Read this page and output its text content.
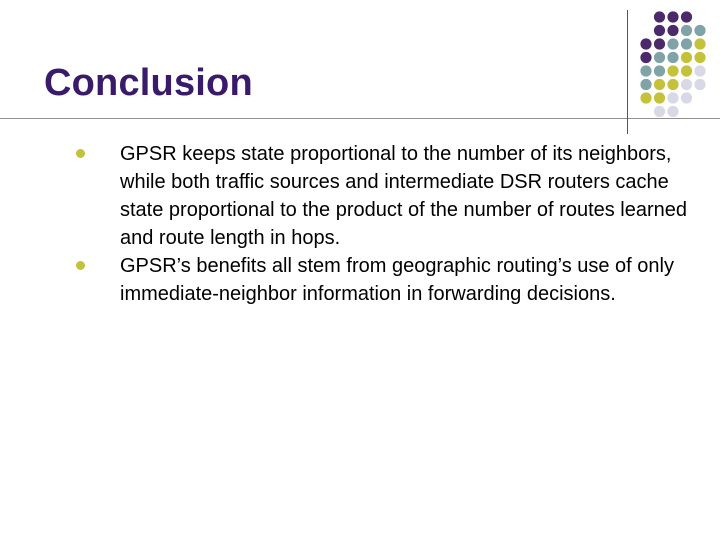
Conclusion
GPSR keeps state proportional to the number of its neighbors, while both traffic sources and intermediate DSR routers cache state proportional to the product of the number of routes learned and route length in hops.
GPSR’s benefits all stem from geographic routing’s use of only immediate-neighbor information in forwarding decisions.
